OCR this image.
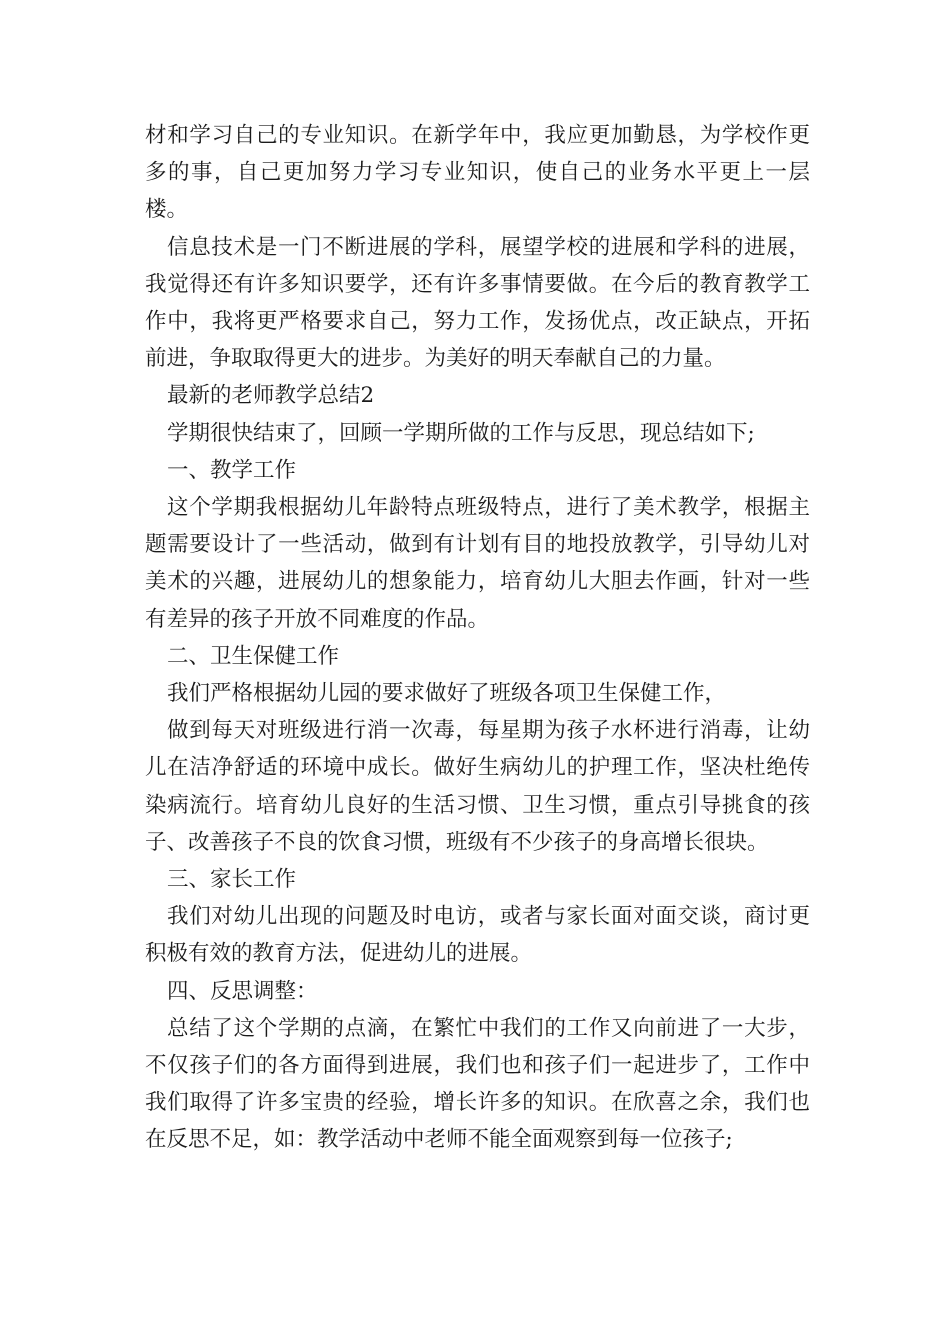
材和学习自己的专业知识。在新学年中，我应更加勤恳，为学校作更多的事，自己更加努力学习专业知识，使自己的业务水平更上一层楼。

信息技术是一门不断进展的学科，展望学校的进展和学科的进展，我觉得还有许多知识要学，还有许多事情要做。在今后的教育教学工作中，我将更严格要求自己，努力工作，发扬优点，改正缺点，开拓前进，争取取得更大的进步。为美好的明天奉献自己的力量。

最新的老师教学总结2

学期很快结束了，回顾一学期所做的工作与反思，现总结如下;

一、教学工作

这个学期我根据幼儿年龄特点班级特点，进行了美术教学，根据主题需要设计了一些活动，做到有计划有目的地投放教学，引导幼儿对美术的兴趣，进展幼儿的想象能力，培育幼儿大胆去作画，针对一些有差异的孩子开放不同难度的作品。

二、卫生保健工作

我们严格根据幼儿园的要求做好了班级各项卫生保健工作，

做到每天对班级进行消一次毒，每星期为孩子水杯进行消毒，让幼儿在洁净舒适的环境中成长。做好生病幼儿的护理工作，坚决杜绝传染病流行。培育幼儿良好的生活习惯、卫生习惯，重点引导挑食的孩子、改善孩子不良的饮食习惯，班级有不少孩子的身高增长很块。

三、家长工作

我们对幼儿出现的问题及时电访，或者与家长面对面交谈，商讨更积极有效的教育方法，促进幼儿的进展。

四、反思调整：

总结了这个学期的点滴，在繁忙中我们的工作又向前进了一大步，不仅孩子们的各方面得到进展，我们也和孩子们一起进步了，工作中我们取得了许多宝贵的经验，增长许多的知识。在欣喜之余，我们也在反思不足，如：教学活动中老师不能全面观察到每一位孩子;
